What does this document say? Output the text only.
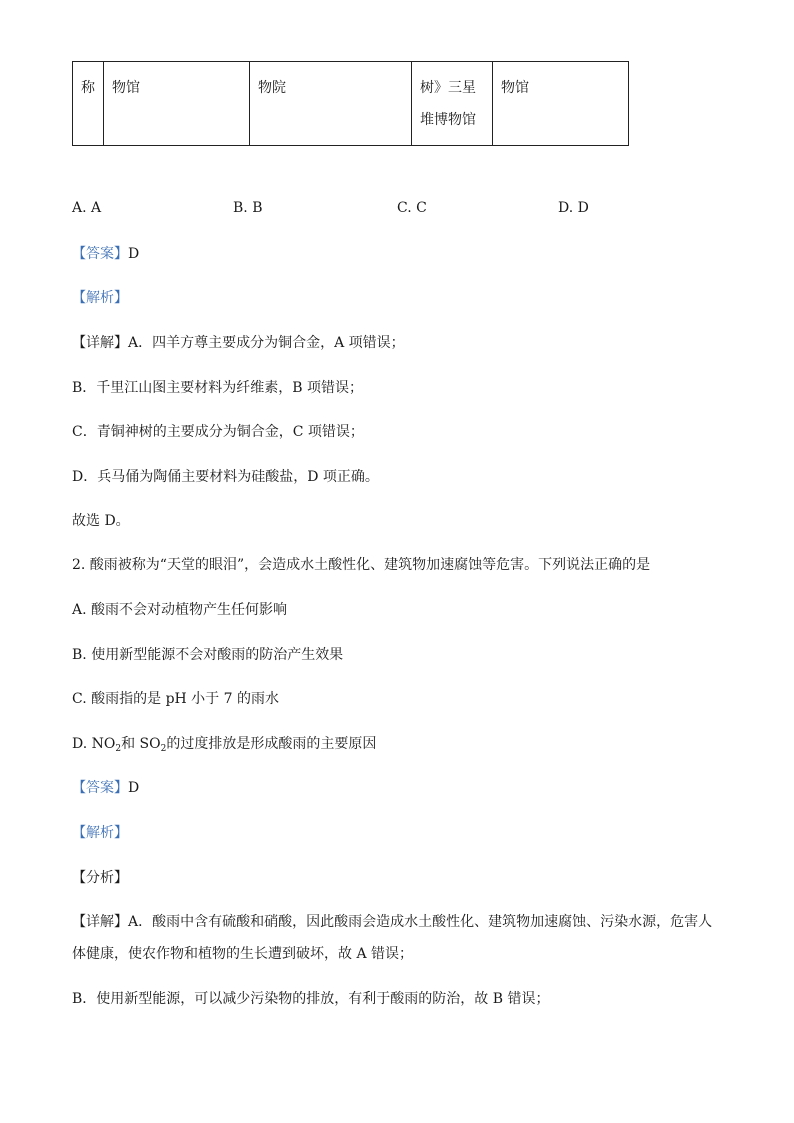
称	物馆	物院	树》三星堆博物馆	物馆
A. A	B. B	C. C	D. D
【答案】D
【解析】
【详解】A．四羊方尊主要成分为铜合金，A 项错误；
B．千里江山图主要材料为纤维素，B 项错误；
C．青铜神树的主要成分为铜合金，C 项错误；
D．兵马俑为陶俑主要材料为硅酸盐，D 项正确。
故选 D。
2. 酸雨被称为“天堂的眼泪”，会造成水土酸性化、建筑物加速腐蚀等危害。下列说法正确的是
A. 酸雨不会对动植物产生任何影响
B. 使用新型能源不会对酸雨的防治产生效果
C. 酸雨指的是 pH 小于 7 的雨水
D. $NO_2$和 $SO_2$的过度排放是形成酸雨的主要原因
【答案】D
【解析】
【分析】
【详解】A．酸雨中含有硫酸和硝酸，因此酸雨会造成水土酸性化、建筑物加速腐蚀、污染水源，危害人
体健康，使农作物和植物的生长遭到破坏，故 A 错误；
B．使用新型能源，可以减少污染物的排放，有利于酸雨的防治，故 B 错误；
